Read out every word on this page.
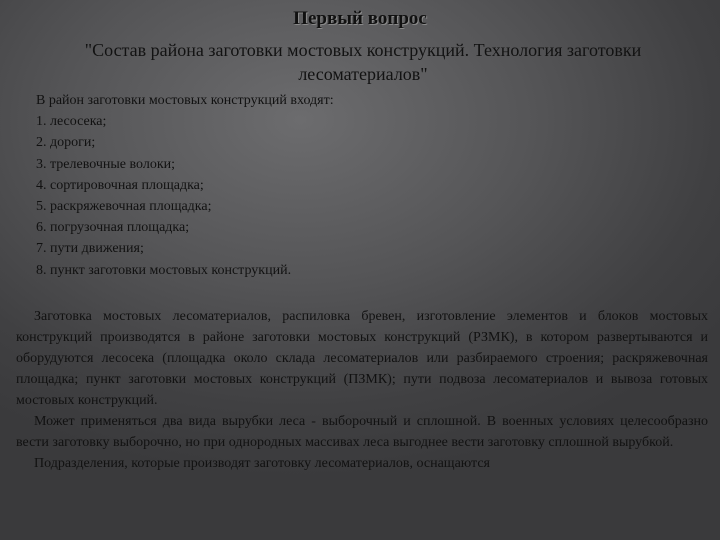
Первый вопрос
"Состав района заготовки мостовых конструкций. Технология заготовки лесоматериалов"
В район заготовки мостовых конструкций входят:
1. лесосека;
2. дороги;
3. трелевочные волоки;
4. сортировочная площадка;
5. раскряжевочная площадка;
6. погрузочная площадка;
7. пути движения;
8. пункт заготовки мостовых конструкций.

Заготовка мостовых лесоматериалов, распиловка бревен, изготовление элементов и блоков мостовых конструкций производятся в районе заготовки мостовых конструкций (РЗМК), в котором развертываются и оборудуются лесосека (площадка около склада лесоматериалов или разбираемого строения; раскряжевочная площадка; пункт заготовки мостовых конструкций (ПЗМК); пути подвоза лесоматериалов и вывоза готовых мостовых конструкций.

Может применяться два вида вырубки леса - выборочный и сплошной. В военных условиях целесообразно вести заготовку выборочно, но при однородных массивах леса выгоднее вести заготовку сплошной вырубкой.

Подразделения, которые производят заготовку лесоматериалов, оснащаются
